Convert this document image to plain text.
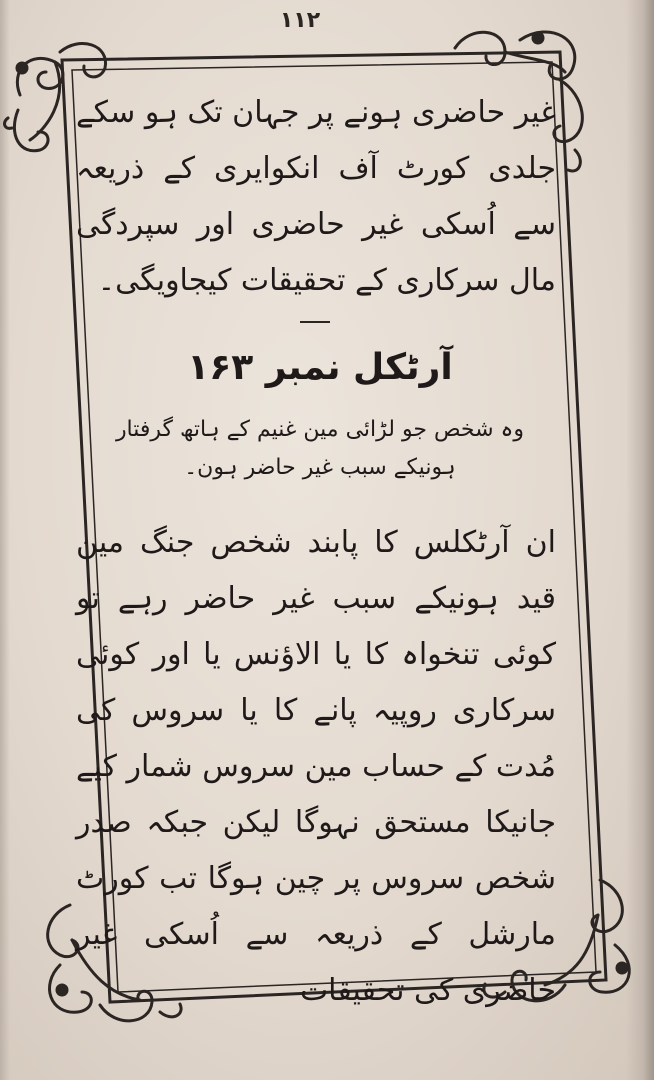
۱۱۲

غیر حاضری ہونے پر جہان تک ہو سکے جلدی کورٹ آف انکوایری کے ذریعہ سے اُسکی غیر حاضری اور سپردگی مال سرکاری کے تحقیقات کیجاویگی۔

آرٹکل نمبر ۱۶۳

وہ شخص جو لڑائی مین غنیم کے ہاتھ گرفتار ہونیکے سبب غیر حاضر ہون۔

ان آرٹکلس کا پابند شخص جنگ مین قید ہونیکے سبب غیر حاضر رہے تو کوئی تنخواہ کا یا الاؤنس یا اور کوئی سرکاری روپیہ پانے کا یا سروس کی مُدت کے حساب مین سروس شمار کیے جانیکا مستحق نہوگا لیکن جبکہ صدر شخص سروس پر چین ہوگا تب کورٹ مارشل کے ذریعہ سے اُسکی غیر حاضری کی تحقیقات
